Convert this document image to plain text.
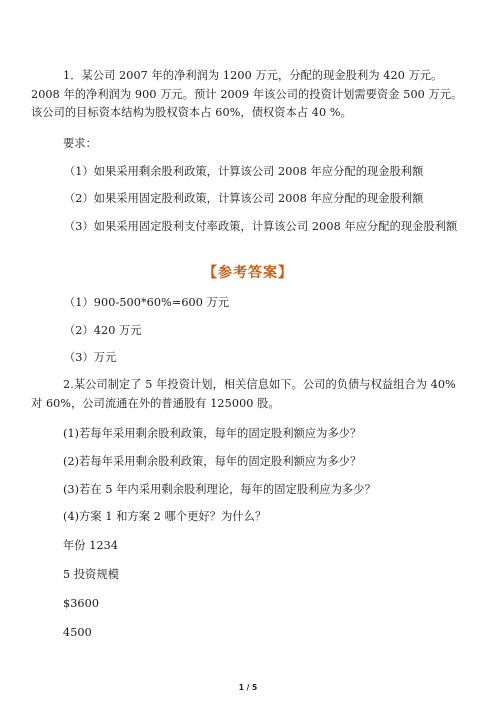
1．某公司 2007 年的净利润为 1200 万元，分配的现金股利为 420 万元。2008 年的净利润为 900 万元。预计 2009 年该公司的投资计划需要资金 500 万元。该公司的目标资本结构为股权资本占 60%，债权资本占 40 %。

要求：

（1）如果采用剩余股利政策，计算该公司 2008 年应分配的现金股利额

（2）如果采用固定股利政策，计算该公司 2008 年应分配的现金股利额

（3）如果采用固定股利支付率政策，计算该公司 2008 年应分配的现金股利额

【参考答案】

（1）900-500*60%=600 万元

（2）420 万元

（3）万元

2.某公司制定了 5 年投资计划，相关信息如下。公司的负债与权益组合为 40%对 60%，公司流通在外的普通股有 125000 股。

(1)若每年采用剩余股利政策，每年的固定股利额应为多少？

(2)若每年采用剩余股利政策，每年的固定股利额应为多少？

(3)若在 5 年内采用剩余股利理论，每年的固定股利应为多少？

(4)方案 1 和方案 2 哪个更好？为什么？

年份 1234

5 投资规模

$3600

4500

1 / 5
